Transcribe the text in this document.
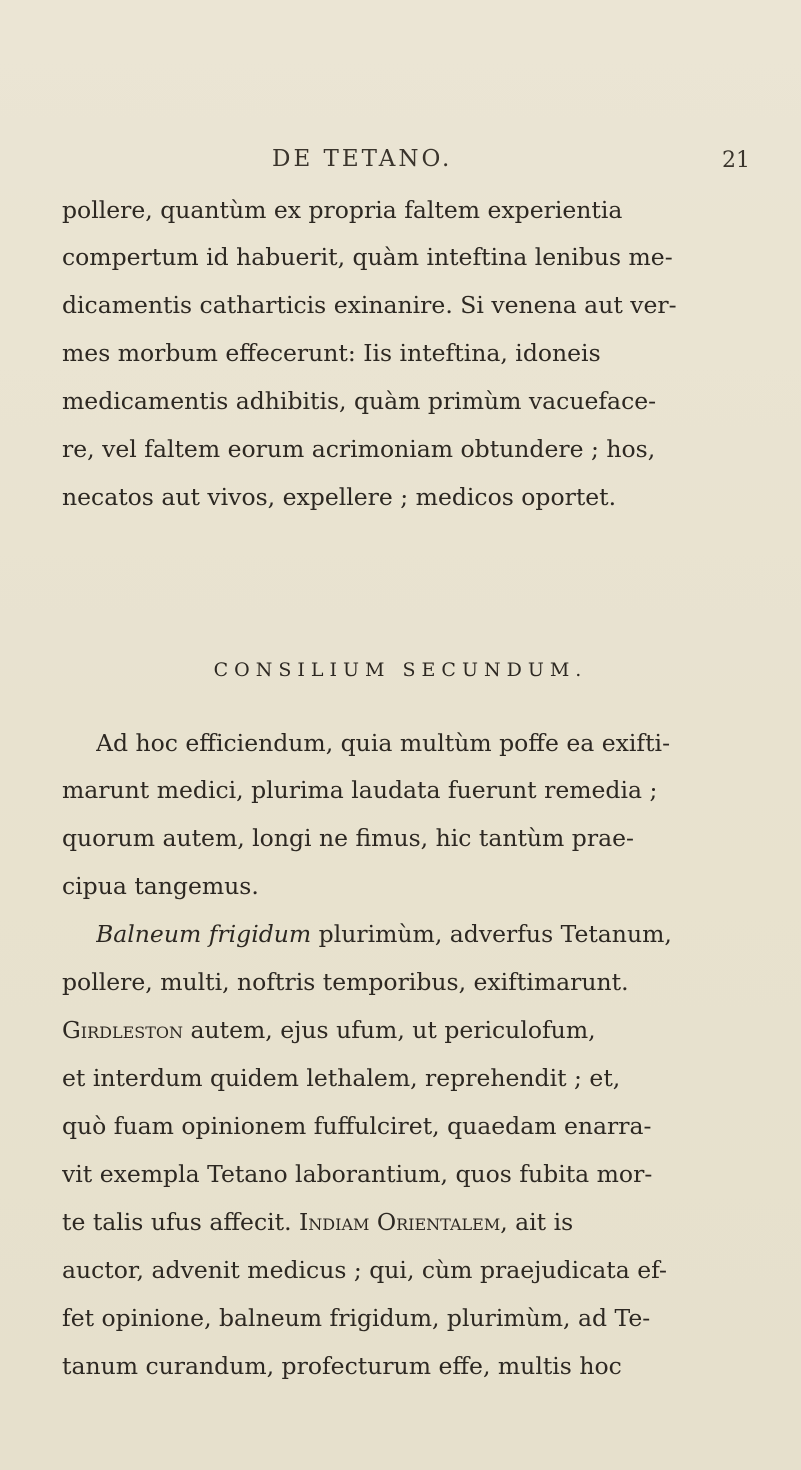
DE TETANO.	21
pollere, quantùm ex propria faltem experientia
compertum id habuerit, quàm inteftina lenibus me-
dicamentis catharticis exinanire. Si venena aut ver-
mes morbum effecerunt: Iis inteftina, idoneis
medicamentis adhibitis, quàm primùm vacueface-
re, vel faltem eorum acrimoniam obtundere ; hos,
necatos aut vivos, expellere ; medicos oportet.
CONSILIUM SECUNDUM.
Ad hoc efficiendum, quia multùm poffe ea exifti-
marunt medici, plurima laudata fuerunt remedia ;
quorum autem, longi ne fimus, hic tantùm prae-
cipua tangemus.
Balneum frigidum plurimùm, adverfus Tetanum,
pollere, multi, noftris temporibus, exiftimarunt.
Girdleston autem, ejus ufum, ut periculofum,
et interdum quidem lethalem, reprehendit ; et,
quò fuam opinionem fuffulciret, quaedam enarra-
vit exempla Tetano laborantium, quos fubita mor-
te talis ufus affecit. Indiam Orientalem, ait is
auctor, advenit medicus ; qui, cùm praejudicata ef-
fet opinione, balneum frigidum, plurimùm, ad Te-
tanum curandum, profecturum effe, multis hoc
